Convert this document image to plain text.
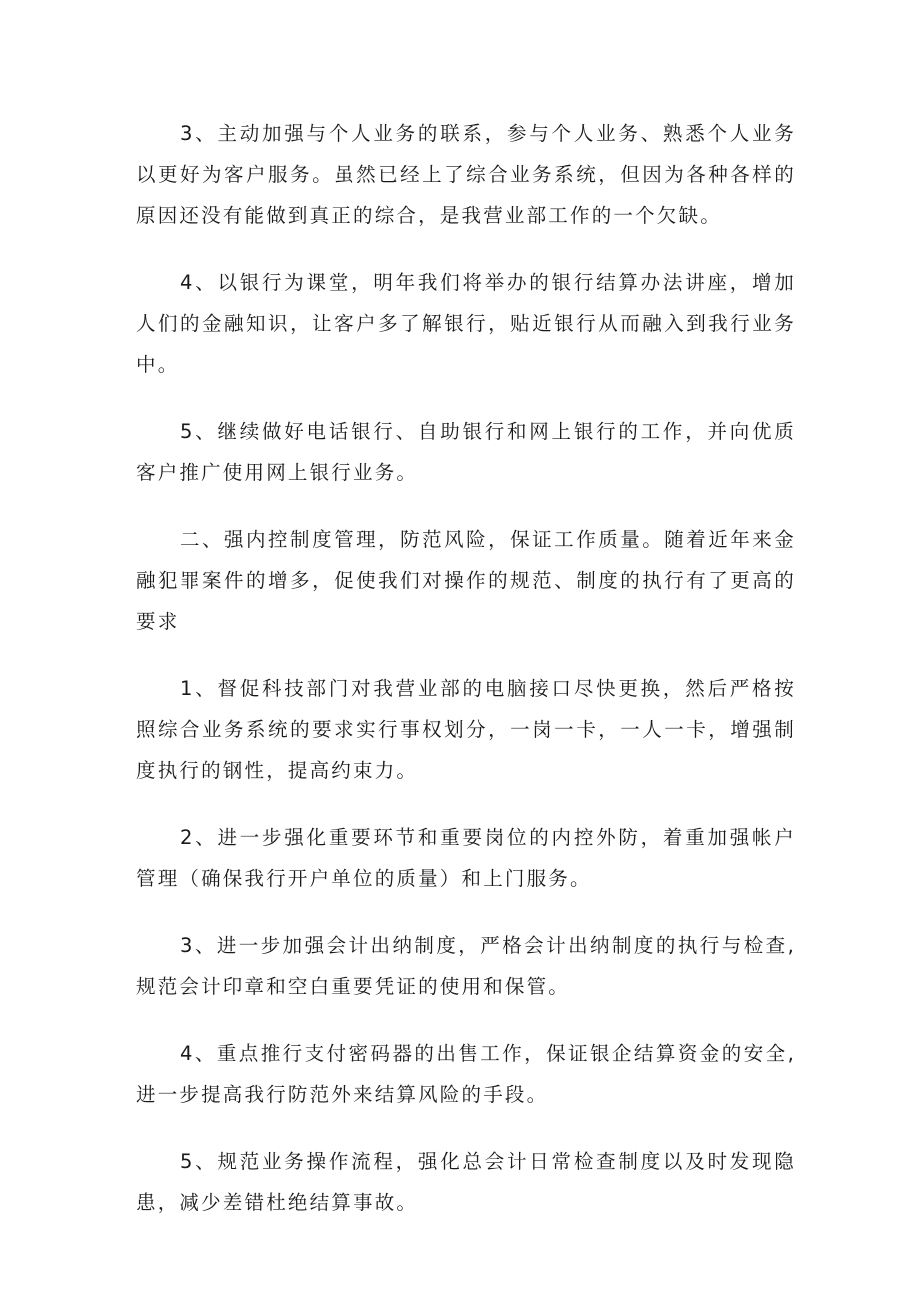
3、主动加强与个人业务的联系，参与个人业务、熟悉个人业务以更好为客户服务。虽然已经上了综合业务系统，但因为各种各样的原因还没有能做到真正的综合，是我营业部工作的一个欠缺。

4、以银行为课堂，明年我们将举办的银行结算办法讲座，增加人们的金融知识，让客户多了解银行，贴近银行从而融入到我行业务中。

5、继续做好电话银行、自助银行和网上银行的工作，并向优质客户推广使用网上银行业务。

二、强内控制度管理，防范风险，保证工作质量。随着近年来金融犯罪案件的增多，促使我们对操作的规范、制度的执行有了更高的要求

1、督促科技部门对我营业部的电脑接口尽快更换，然后严格按照综合业务系统的要求实行事权划分，一岗一卡，一人一卡，增强制度执行的钢性，提高约束力。

2、进一步强化重要环节和重要岗位的内控外防，着重加强帐户管理（确保我行开户单位的质量）和上门服务。

3、进一步加强会计出纳制度，严格会计出纳制度的执行与检查,规范会计印章和空白重要凭证的使用和保管。

4、重点推行支付密码器的出售工作，保证银企结算资金的安全,进一步提高我行防范外来结算风险的手段。

5、规范业务操作流程，强化总会计日常检查制度以及时发现隐患，减少差错杜绝结算事故。
